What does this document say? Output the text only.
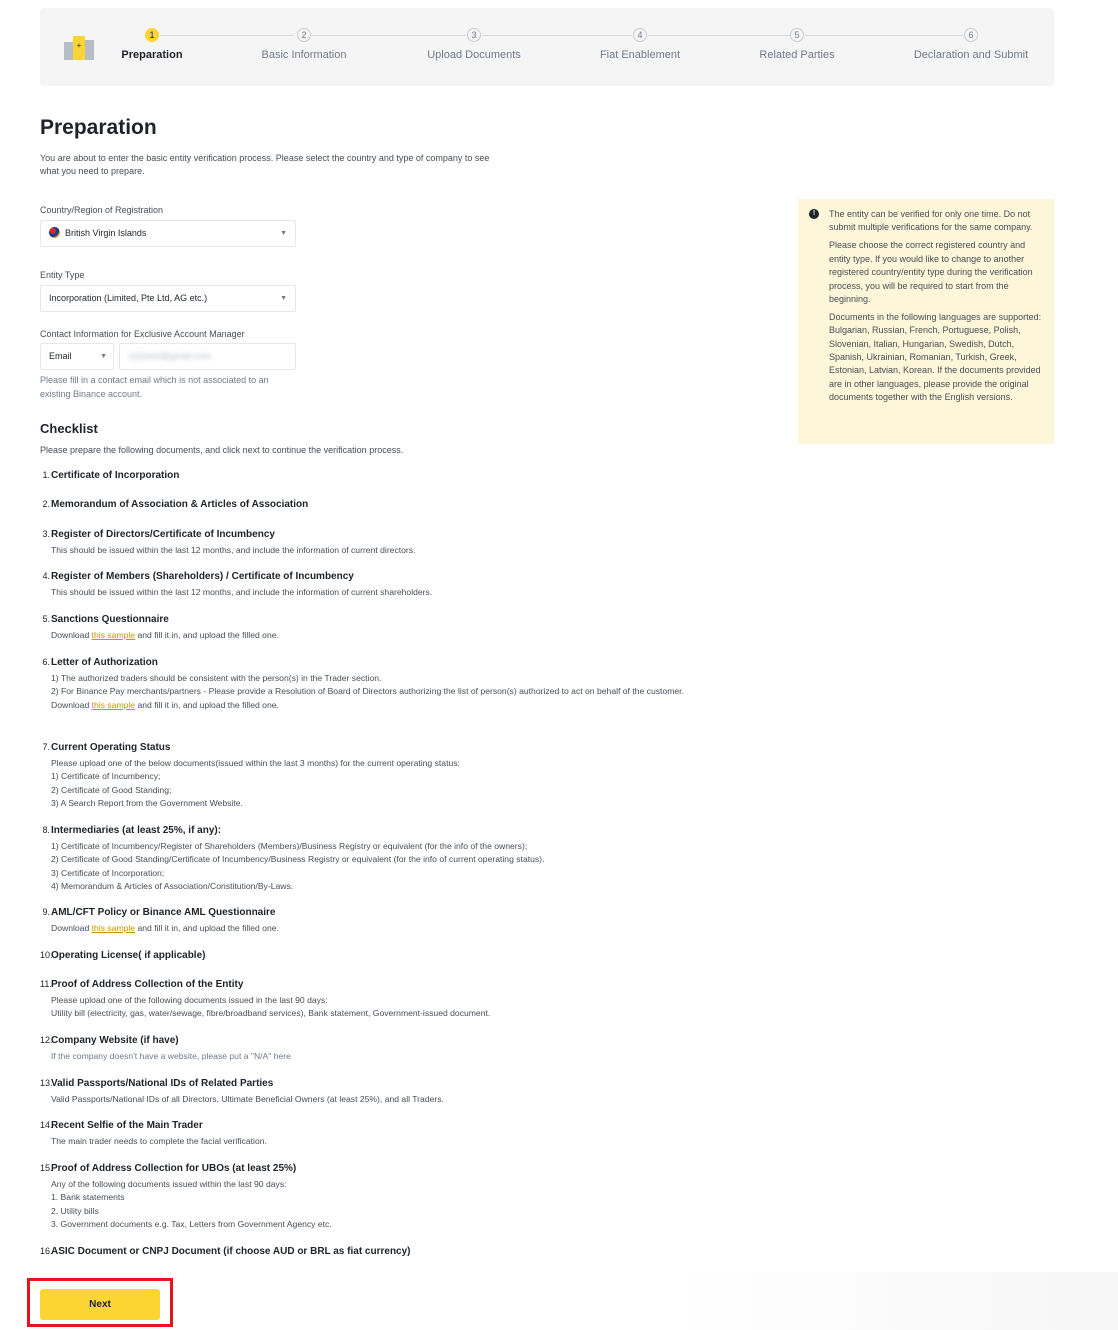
+
1
Preparation
2
Basic Information
3
Upload Documents
4
Fiat Enablement
5
Related Parties
6
Declaration and Submit
Preparation

You are about to enter the basic entity verification process. Please select the country and type of company to see what you need to prepare.

Country/Region of Registration
British Virgin Islands	▼
Entity Type
Incorporation (Limited, Pte Ltd, AG etc.)	▼
Contact Information for Exclusive Account Manager
Email	▼	1111test@gmail.com

Please fill in a contact email which is not associated to an existing Binance account.

!	The entity can be verified for only one time. Do not submit multiple verifications for the same company.

Please choose the correct registered country and entity type. If you would like to change to another registered country/entity type during the verification process, you will be required to start from the beginning.

Documents in the following languages are supported: Bulgarian, Russian, French, Portuguese, Polish, Slovenian, Italian, Hungarian, Swedish, Dutch, Spanish, Ukrainian, Romanian, Turkish, Greek, Estonian, Latvian, Korean. If the documents provided are in other languages, please provide the original documents together with the English versions.

Checklist

Please prepare the following documents, and click next to continue the verification process.

1. Certificate of Incorporation
2. Memorandum of Association & Articles of Association
3. Register of Directors/Certificate of Incumbency
This should be issued within the last 12 months, and include the information of current directors.
4. Register of Members (Shareholders) / Certificate of Incumbency
This should be issued within the last 12 months, and include the information of current shareholders.
5. Sanctions Questionnaire
Download this sample and fill it in, and upload the filled one.
6. Letter of Authorization
1) The authorized traders should be consistent with the person(s) in the Trader section.
2) For Binance Pay merchants/partners - Please provide a Resolution of Board of Directors authorizing the list of person(s) authorized to act on behalf of the customer.
Download this sample and fill it in, and upload the filled one.
7. Current Operating Status
Please upload one of the below documents(issued within the last 3 months) for the current operating status:
1) Certificate of Incumbency;
2) Certificate of Good Standing;
3) A Search Report from the Government Website.
8. Intermediaries (at least 25%, if any):
1) Certificate of Incumbency/Register of Shareholders (Members)/Business Registry or equivalent (for the info of the owners);
2) Certificate of Good Standing/Certificate of Incumbency/Business Registry or equivalent (for the info of current operating status).
3) Certificate of Incorporation;
4) Memorandum & Articles of Association/Constitution/By-Laws.
9. AML/CFT Policy or Binance AML Questionnaire
Download this sample and fill it in, and upload the filled one.
10.
Operating License( if applicable)
11. Proof of Address Collection of the Entity
Please upload one of the following documents issued in the last 90 days:
Utility bill (electricity, gas, water/sewage, fibre/broadband services), Bank statement, Government-issued document.
12.
Company Website (if have)
If the company doesn't have a website, please put a "N/A" here
13.
Valid Passports/National IDs of Related Parties
Valid Passports/National IDs of all Directors, Ultimate Beneficial Owners (at least 25%), and all Traders.
14.
Recent Selfie of the Main Trader
The main trader needs to complete the facial verification.
15.
Proof of Address Collection for UBOs (at least 25%)
Any of the following documents issued within the last 90 days:
1. Bank statements
2. Utility bills
3. Government documents e.g. Tax, Letters from Government Agency etc.
16.
ASIC Document or CNPJ Document (if choose AUD or BRL as fiat currency)
Next
